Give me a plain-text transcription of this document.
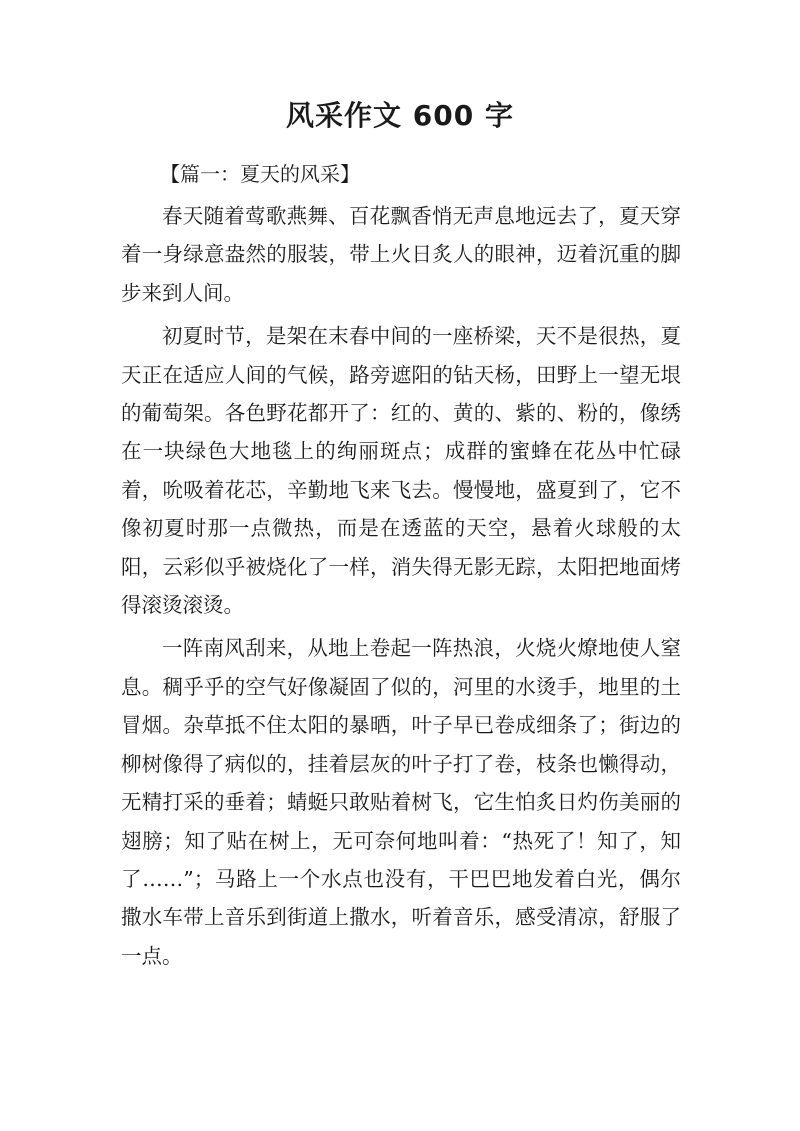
风采作文 600 字

【篇一：夏天的风采】

春天随着莺歌燕舞、百花飘香悄无声息地远去了，夏天穿着一身绿意盎然的服装，带上火日炙人的眼神，迈着沉重的脚步来到人间。

初夏时节，是架在末春中间的一座桥梁，天不是很热，夏天正在适应人间的气候，路旁遮阳的钻天杨，田野上一望无垠的葡萄架。各色野花都开了：红的、黄的、紫的、粉的，像绣在一块绿色大地毯上的绚丽斑点；成群的蜜蜂在花丛中忙碌着，吮吸着花芯，辛勤地飞来飞去。慢慢地，盛夏到了，它不像初夏时那一点微热，而是在透蓝的天空，悬着火球般的太阳，云彩似乎被烧化了一样，消失得无影无踪，太阳把地面烤得滚烫滚烫。

一阵南风刮来，从地上卷起一阵热浪，火烧火燎地使人窒息。稠乎乎的空气好像凝固了似的，河里的水烫手，地里的土冒烟。杂草抵不住太阳的暴晒，叶子早已卷成细条了；街边的柳树像得了病似的，挂着层灰的叶子打了卷，枝条也懒得动，无精打采的垂着；蜻蜓只敢贴着树飞，它生怕炙日灼伤美丽的翅膀；知了贴在树上，无可奈何地叫着：“热死了！知了，知了……”；马路上一个水点也没有，干巴巴地发着白光，偶尔撒水车带上音乐到街道上撒水，听着音乐，感受清凉，舒服了一点。
